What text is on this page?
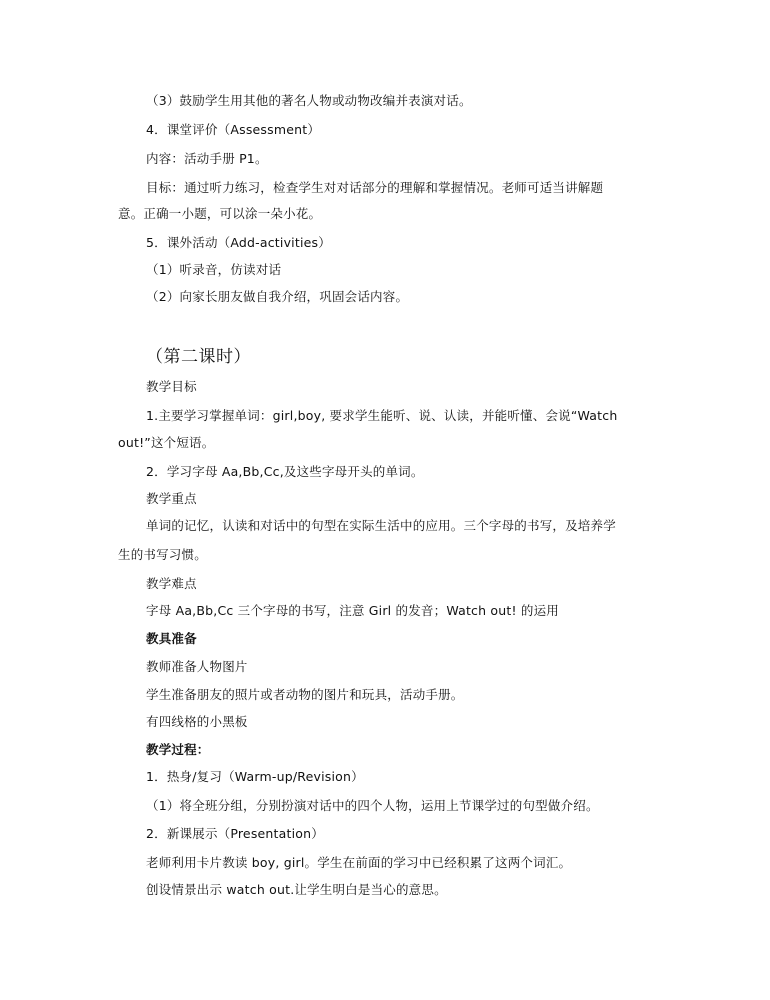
（3）鼓励学生用其他的著名人物或动物改编并表演对话。
4．课堂评价（Assessment）
内容：活动手册 P1。
目标：通过听力练习，检查学生对对话部分的理解和掌握情况。老师可适当讲解题
意。正确一小题，可以涂一朵小花。
5．课外活动（Add-activities）
（1）听录音，仿读对话
（2）向家长朋友做自我介绍，巩固会话内容。
（第二课时）
教学目标
1.主要学习掌握单词：girl,boy, 要求学生能听、说、认读，并能听懂、会说“Watch
out!”这个短语。
2．学习字母 Aa,Bb,Cc,及这些字母开头的单词。
教学重点
单词的记忆，认读和对话中的句型在实际生活中的应用。三个字母的书写，及培养学
生的书写习惯。
教学难点
字母 Aa,Bb,Cc 三个字母的书写，注意 Girl 的发音；Watch out! 的运用
教具准备
教师准备人物图片
学生准备朋友的照片或者动物的图片和玩具，活动手册。
有四线格的小黑板
教学过程：
1．热身/复习（Warm-up/Revision）
（1）将全班分组，分别扮演对话中的四个人物，运用上节课学过的句型做介绍。
2．新课展示（Presentation）
老师利用卡片教读 boy, girl。学生在前面的学习中已经积累了这两个词汇。
创设情景出示 watch out.让学生明白是当心的意思。
